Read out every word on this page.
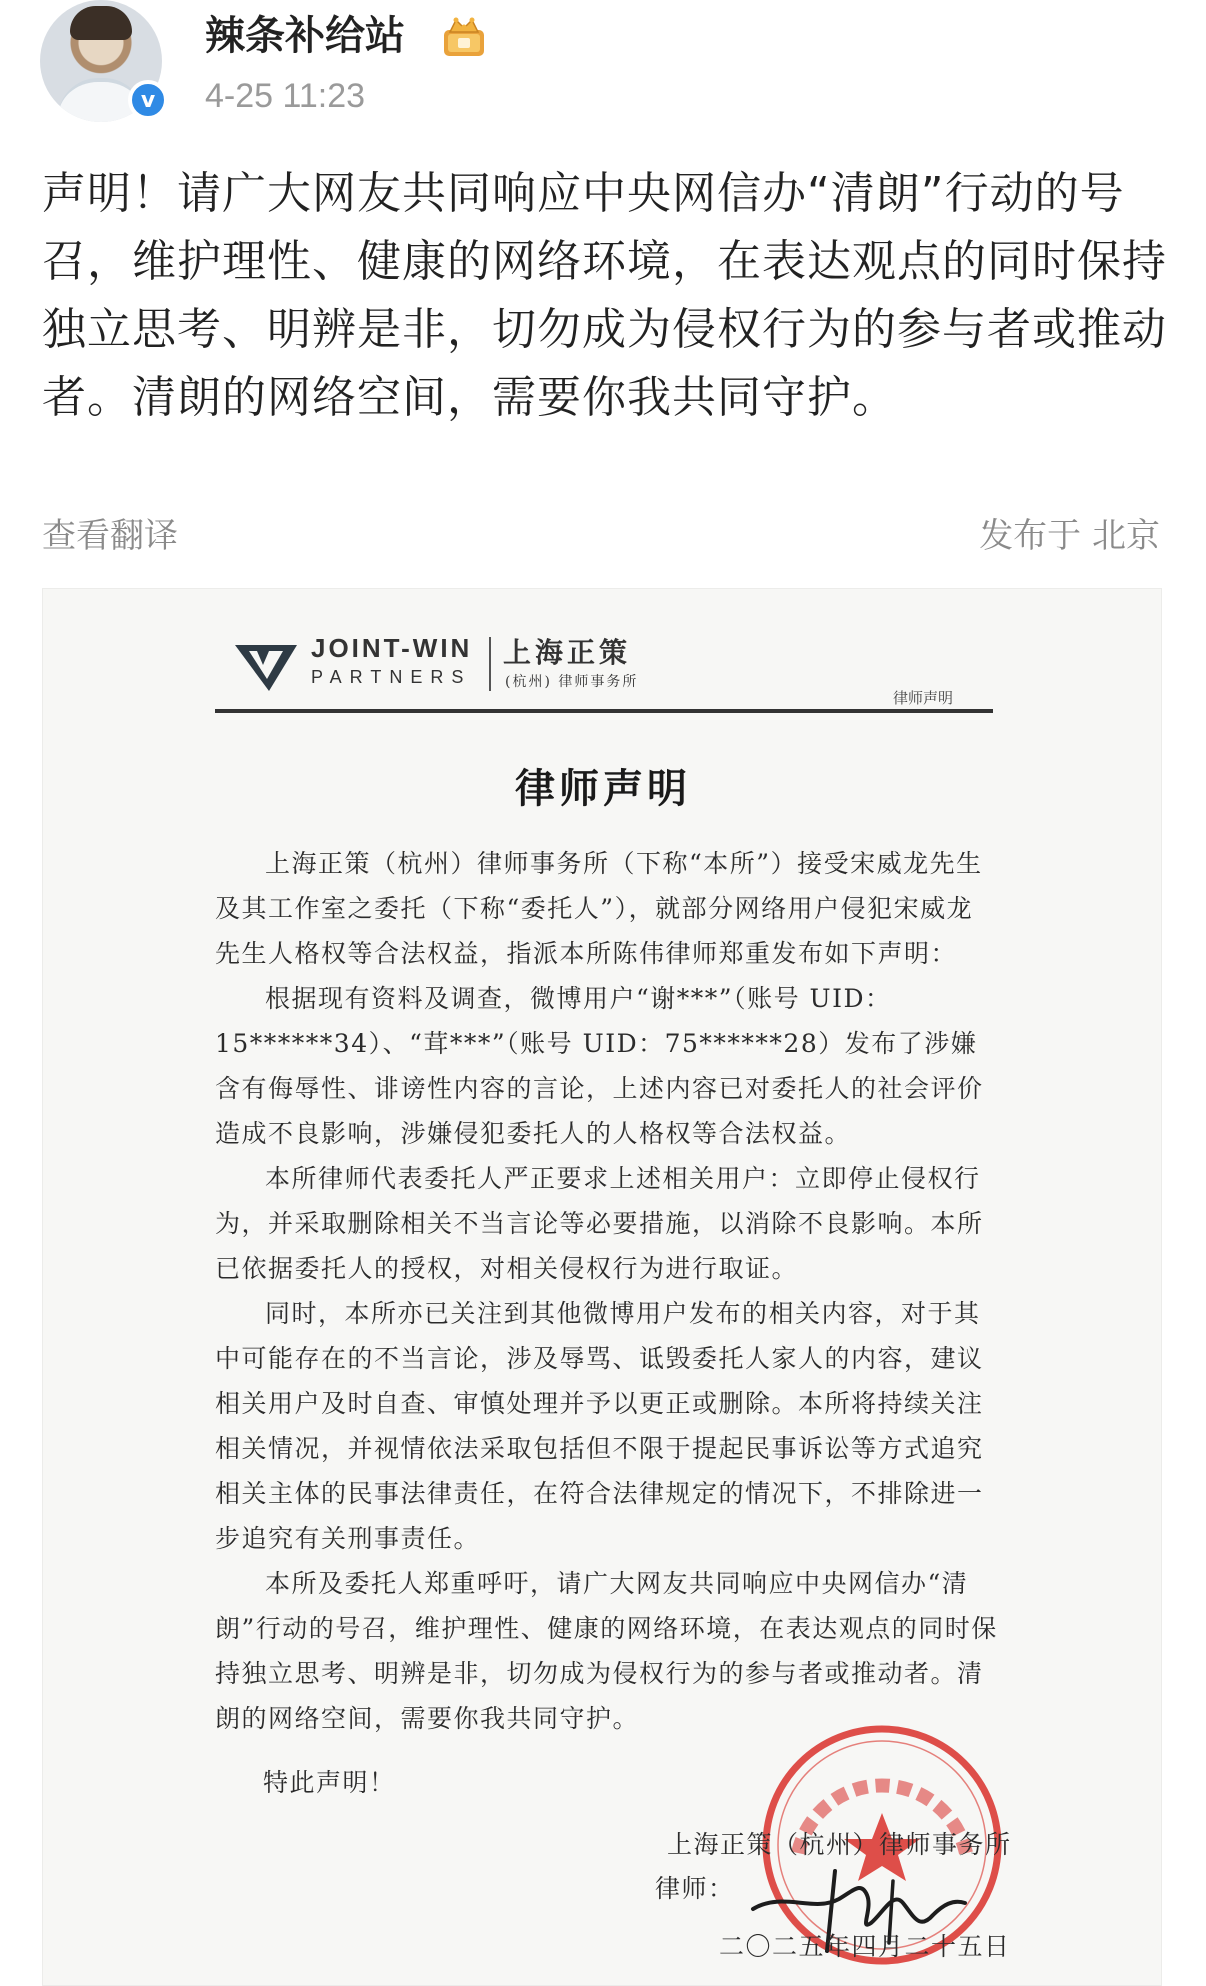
v
辣条补给站
4-25 11:23
声明！请广大网友共同响应中央网信办“清朗”行动的号召，维护理性、健康的网络环境，在表达观点的同时保持独立思考、明辨是非，切勿成为侵权行为的参与者或推动者。清朗的网络空间，需要你我共同守护。
查看翻译	发布于 北京
JOINT-WIN
PARTNERS
上海正策
(杭州) 律师事务所
律师声明
律师声明

上海正策（杭州）律师事务所（下称“本所”）接受宋威龙先生及其工作室之委托（下称“委托人”），就部分网络用户侵犯宋威龙先生人格权等合法权益，指派本所陈伟律师郑重发布如下声明：

根据现有资料及调查，微博用户“谢***”（账号 UID：15******34）、“茸***”（账号 UID：75******28）发布了涉嫌含有侮辱性、诽谤性内容的言论，上述内容已对委托人的社会评价造成不良影响，涉嫌侵犯委托人的人格权等合法权益。

本所律师代表委托人严正要求上述相关用户：立即停止侵权行为，并采取删除相关不当言论等必要措施，以消除不良影响。本所已依据委托人的授权，对相关侵权行为进行取证。

同时，本所亦已关注到其他微博用户发布的相关内容，对于其中可能存在的不当言论，涉及辱骂、诋毁委托人家人的内容，建议相关用户及时自查、审慎处理并予以更正或删除。本所将持续关注相关情况，并视情依法采取包括但不限于提起民事诉讼等方式追究相关主体的民事法律责任，在符合法律规定的情况下，不排除进一步追究有关刑事责任。

本所及委托人郑重呼吁，请广大网友共同响应中央网信办“清朗”行动的号召，维护理性、健康的网络环境，在表达观点的同时保持独立思考、明辨是非，切勿成为侵权行为的参与者或推动者。清朗的网络空间，需要你我共同守护。

特此声明！
上海正策（杭州）律师事务所
律师：
二〇二五年四月二十五日
